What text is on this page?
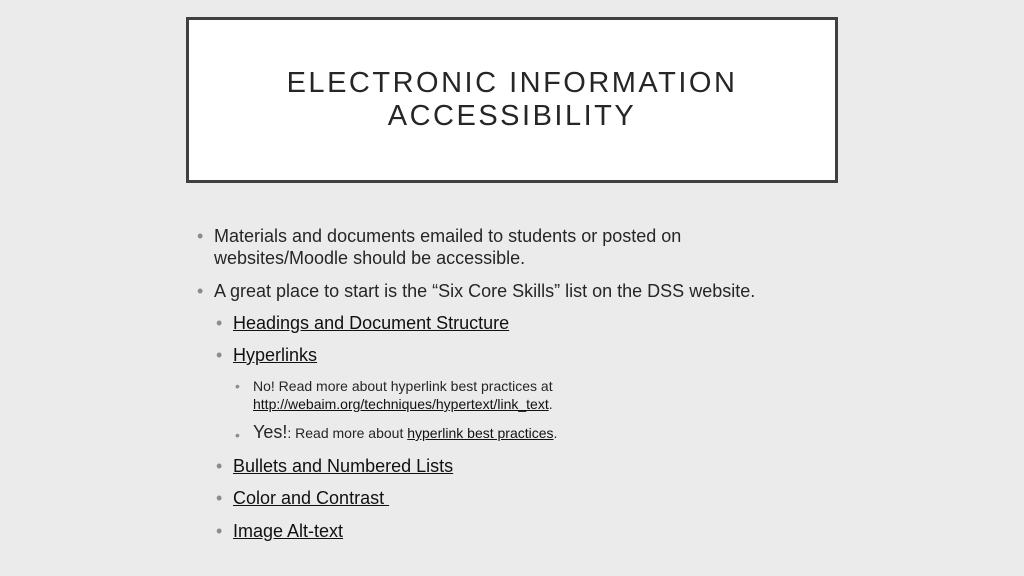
ELECTRONIC INFORMATION
ACCESSIBILITY
• Materials and documents emailed to students or posted on
websites/Moodle should be accessible.
• A great place to start is the “Six Core Skills” list on the DSS website.
• Headings and Document Structure
• Hyperlinks
• No! Read more about hyperlink best practices at
http://webaim.org/techniques/hypertext/link_text.
• Yes!: Read more about hyperlink best practices.
• Bullets and Numbered Lists
• Color and Contrast
• Image Alt-text
